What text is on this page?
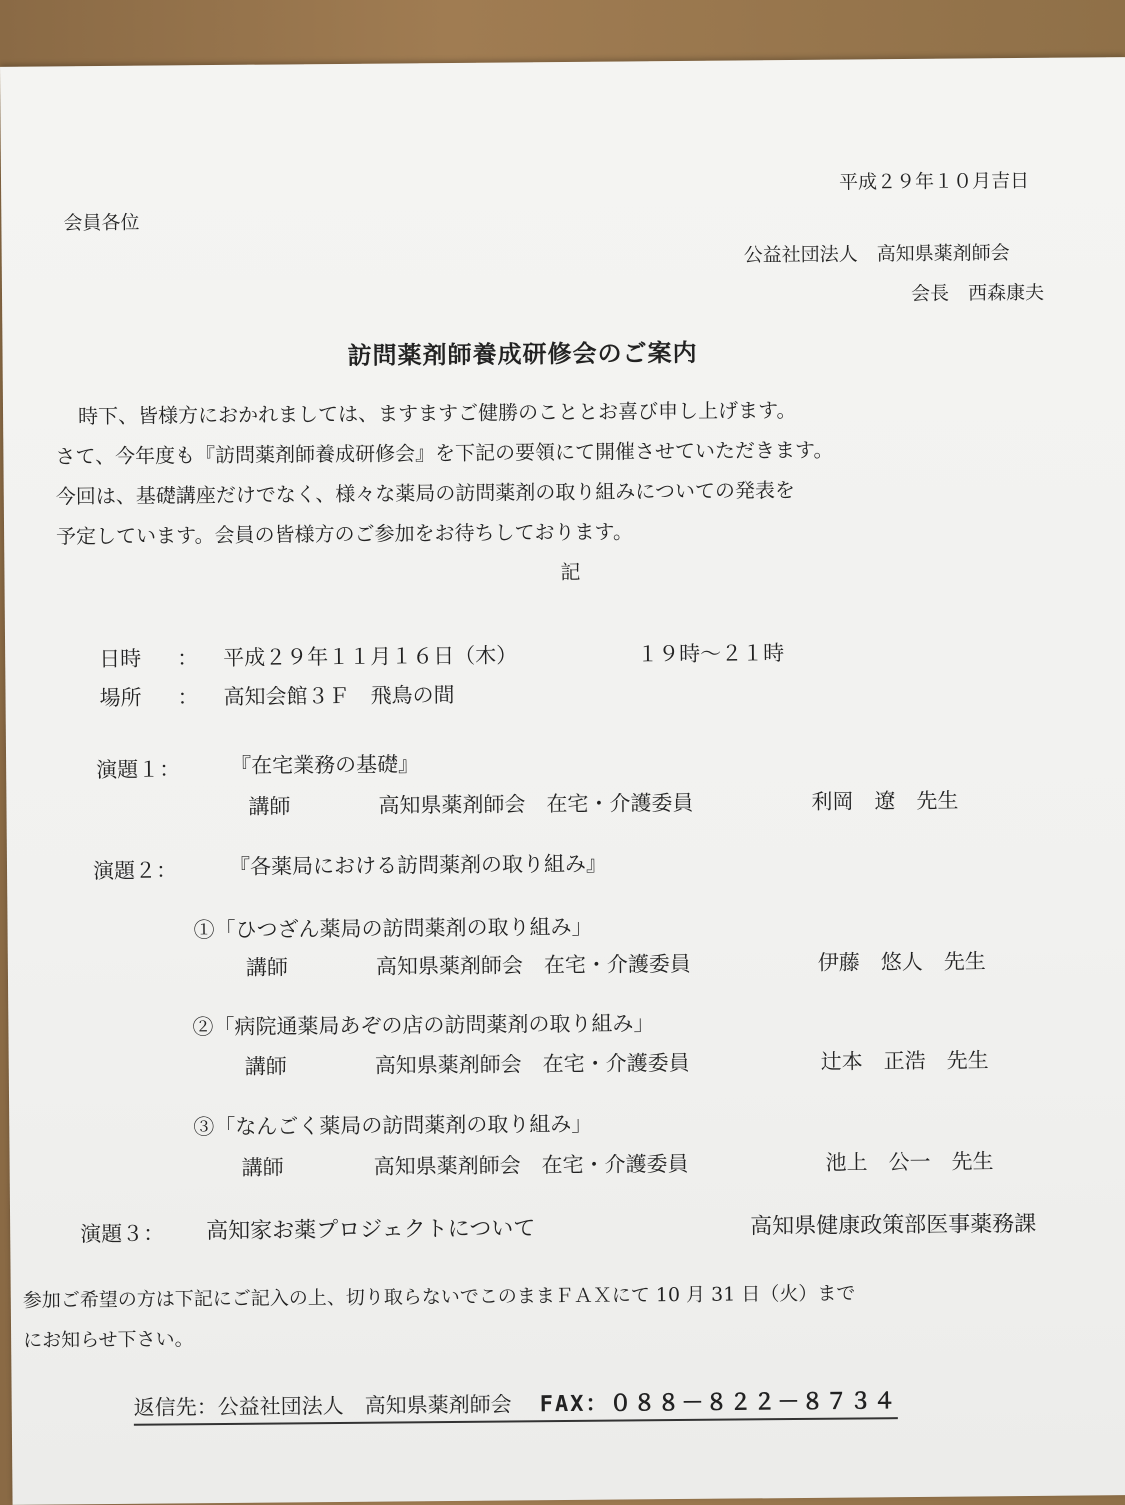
平成２９年１０月吉日
会員各位
公益社団法人　高知県薬剤師会
会長　西森康夫
訪問薬剤師養成研修会のご案内
時下、皆様方におかれましては、ますますご健勝のこととお喜び申し上げます。
さて、今年度も『訪問薬剤師養成研修会』を下記の要領にて開催させていただきます。
今回は、基礎講座だけでなく、様々な薬局の訪問薬剤の取り組みについての発表を
予定しています。会員の皆様方のご参加をお待ちしております。
記
日時 ： 平成２９年１１月１６日（木）	１９時～２１時
場所 ： 高知会館３Ｆ　飛鳥の間
演題１： 『在宅業務の基礎』
講師	高知県薬剤師会　在宅・介護委員	利岡　遼　先生
演題２： 『各薬局における訪問薬剤の取り組み』
①「ひつざん薬局の訪問薬剤の取り組み」
講師	高知県薬剤師会　在宅・介護委員	伊藤　悠人　先生
②「病院通薬局あぞの店の訪問薬剤の取り組み」
講師	高知県薬剤師会　在宅・介護委員	辻本　正浩　先生
③「なんごく薬局の訪問薬剤の取り組み」
講師	高知県薬剤師会　在宅・介護委員	池上　公一　先生
演題３： 高知家お薬プロジェクトについて	高知県健康政策部医事薬務課
参加ご希望の方は下記にご記入の上、切り取らないでこのままＦＡＸにて 10 月 31 日（火）まで
にお知らせ下さい。
返信先：公益社団法人　高知県薬剤師会 FAX：０８８－８２２－８７３４
